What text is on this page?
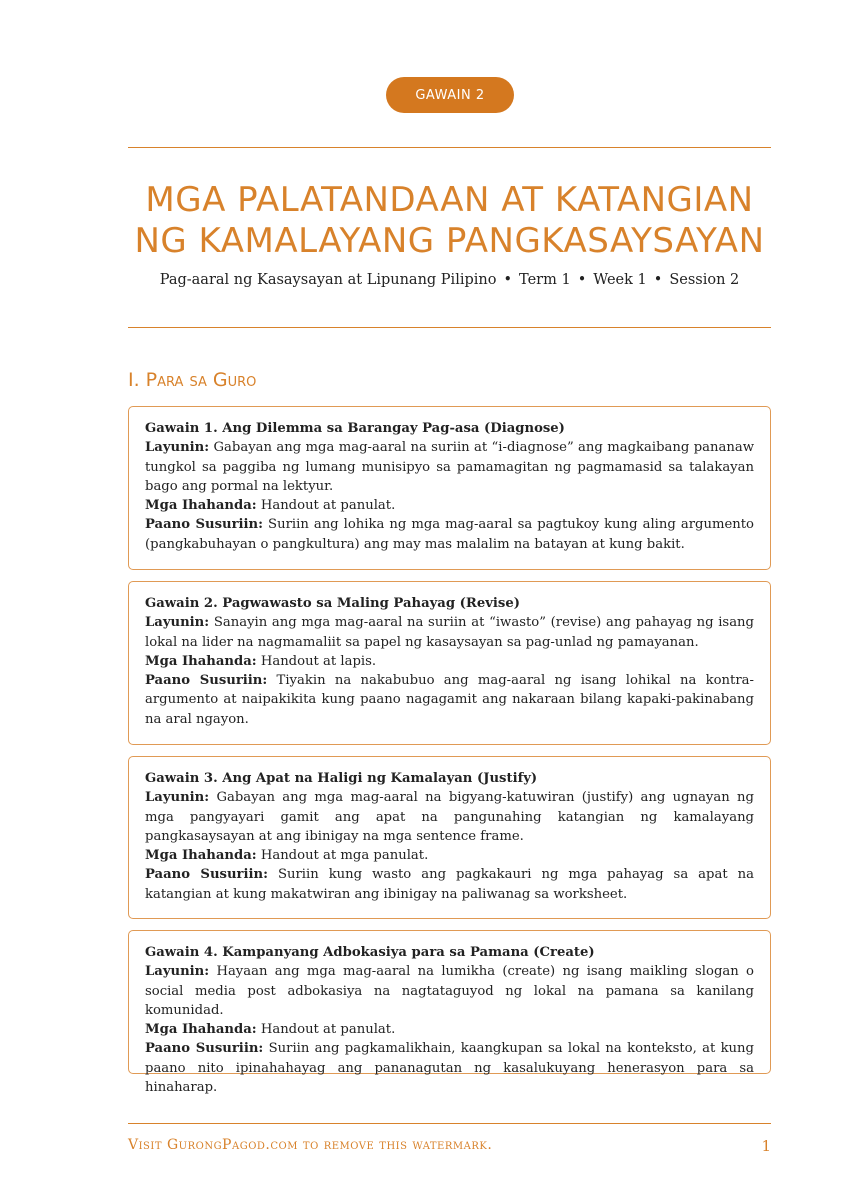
GAWAIN 2
MGA PALATANDAAN AT KATANGIAN
NG KAMALAYANG PANGKASAYSAYAN
Pag-aaral ng Kasaysayan at Lipunang Pilipino • Term 1 • Week 1 • Session 2
I. Para sa Guro

Gawain 1. Ang Dilemma sa Barangay Pag-asa (Diagnose)

Layunin: Gabayan ang mga mag-aaral na suriin at “i-diagnose” ang magkaibang pananaw tungkol sa paggiba ng lumang munisipyo sa pamamagitan ng pagmamasid sa talakayan bago ang pormal na lektyur.

Mga Ihahanda: Handout at panulat.

Paano Susuriin: Suriin ang lohika ng mga mag-aaral sa pagtukoy kung aling argumento (pangkabuhayan o pangkultura) ang may mas malalim na batayan at kung bakit.

Gawain 2. Pagwawasto sa Maling Pahayag (Revise)

Layunin: Sanayin ang mga mag-aaral na suriin at “iwasto” (revise) ang pahayag ng isang lokal na lider na nagmamaliit sa papel ng kasaysayan sa pag-unlad ng pamayanan.

Mga Ihahanda: Handout at lapis.

Paano Susuriin: Tiyakin na nakabubuo ang mag-aaral ng isang lohikal na kontra-argumento at naipakikita kung paano nagagamit ang nakaraan bilang kapaki-pakinabang na aral ngayon.

Gawain 3. Ang Apat na Haligi ng Kamalayan (Justify)

Layunin: Gabayan ang mga mag-aaral na bigyang-katuwiran (justify) ang ugnayan ng mga pangyayari gamit ang apat na pangunahing katangian ng kamalayang pangkasaysayan at ang ibinigay na mga sentence frame.

Mga Ihahanda: Handout at mga panulat.

Paano Susuriin: Suriin kung wasto ang pagkakauri ng mga pahayag sa apat na katangian at kung makatwiran ang ibinigay na paliwanag sa worksheet.

Gawain 4. Kampanyang Adbokasiya para sa Pamana (Create)

Layunin: Hayaan ang mga mag-aaral na lumikha (create) ng isang maikling slogan o social media post adbokasiya na nagtataguyod ng lokal na pamana sa kanilang komunidad.

Mga Ihahanda: Handout at panulat.

Paano Susuriin: Suriin ang pagkamalikhain, kaangkupan sa lokal na konteksto, at kung paano nito ipinahahayag ang pananagutan ng kasalukuyang henerasyon para sa hinaharap.

Visit GurongPagod.com to remove this watermark.	1
